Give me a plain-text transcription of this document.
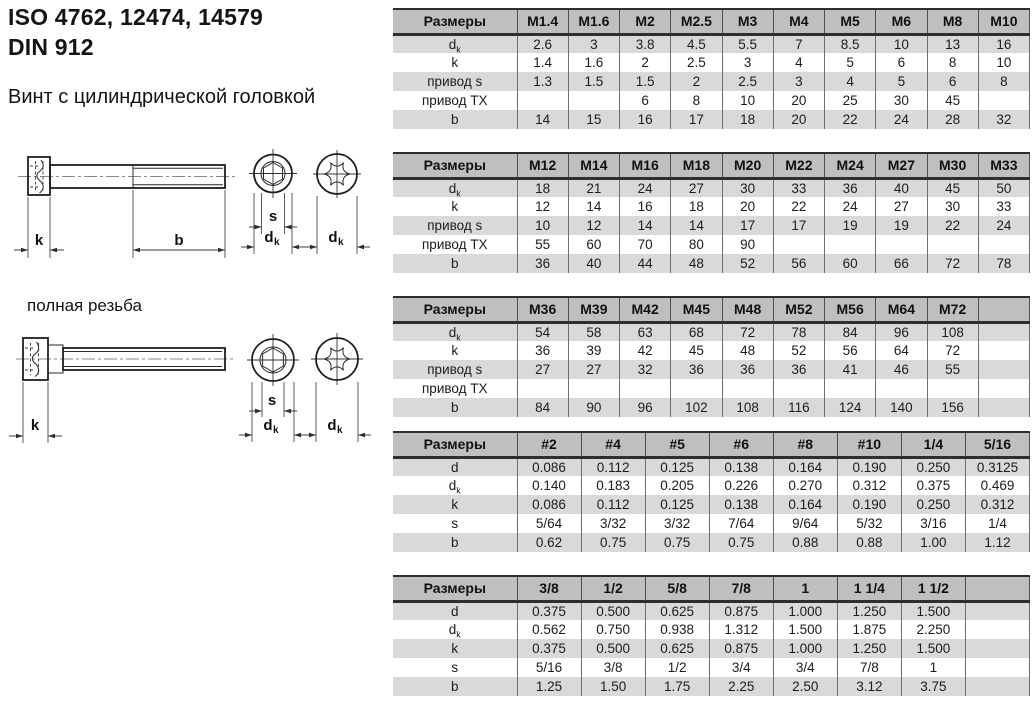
ISO 4762, 12474, 14579
DIN 912
Винт с цилиндрической головкой
полная резьба
k	b
s
d k	d k
k
s
d k	d k
Размеры	M1.4	M1.6	M2	M2.5	M3	M4	M5	M6	M8	M10
$d_k$	2.6	3	3.8	4.5	5.5	7	8.5	10	13	16
k	1.4	1.6	2	2.5	3	4	5	6	8	10
привод s	1.3	1.5	1.5	2	2.5	3	4	5	6	8
привод TX			6	8	10	20	25	30	45	
b	14	15	16	17	18	20	22	24	28	32
Размеры	M12	M14	M16	M18	M20	M22	M24	M27	M30	M33
$d_k$	18	21	24	27	30	33	36	40	45	50
k	12	14	16	18	20	22	24	27	30	33
привод s	10	12	14	14	17	17	19	19	22	24
привод TX	55	60	70	80	90					
b	36	40	44	48	52	56	60	66	72	78
Размеры	M36	M39	M42	M45	M48	M52	M56	M64	M72	
$d_k$	54	58	63	68	72	78	84	96	108	
k	36	39	42	45	48	52	56	64	72	
привод s	27	27	32	36	36	36	41	46	55	
привод TX										
b	84	90	96	102	108	116	124	140	156	
Размеры	#2	#4	#5	#6	#8	#10	1/4	5/16
d	0.086	0.112	0.125	0.138	0.164	0.190	0.250	0.3125
$d_k$	0.140	0.183	0.205	0.226	0.270	0.312	0.375	0.469
k	0.086	0.112	0.125	0.138	0.164	0.190	0.250	0.312
s	5/64	3/32	3/32	7/64	9/64	5/32	3/16	1/4
b	0.62	0.75	0.75	0.75	0.88	0.88	1.00	1.12
Размеры	3/8	1/2	5/8	7/8	1	1 1/4	1 1/2	
d	0.375	0.500	0.625	0.875	1.000	1.250	1.500	
$d_k$	0.562	0.750	0.938	1.312	1.500	1.875	2.250	
k	0.375	0.500	0.625	0.875	1.000	1.250	1.500	
s	5/16	3/8	1/2	3/4	3/4	7/8	1	
b	1.25	1.50	1.75	2.25	2.50	3.12	3.75	
